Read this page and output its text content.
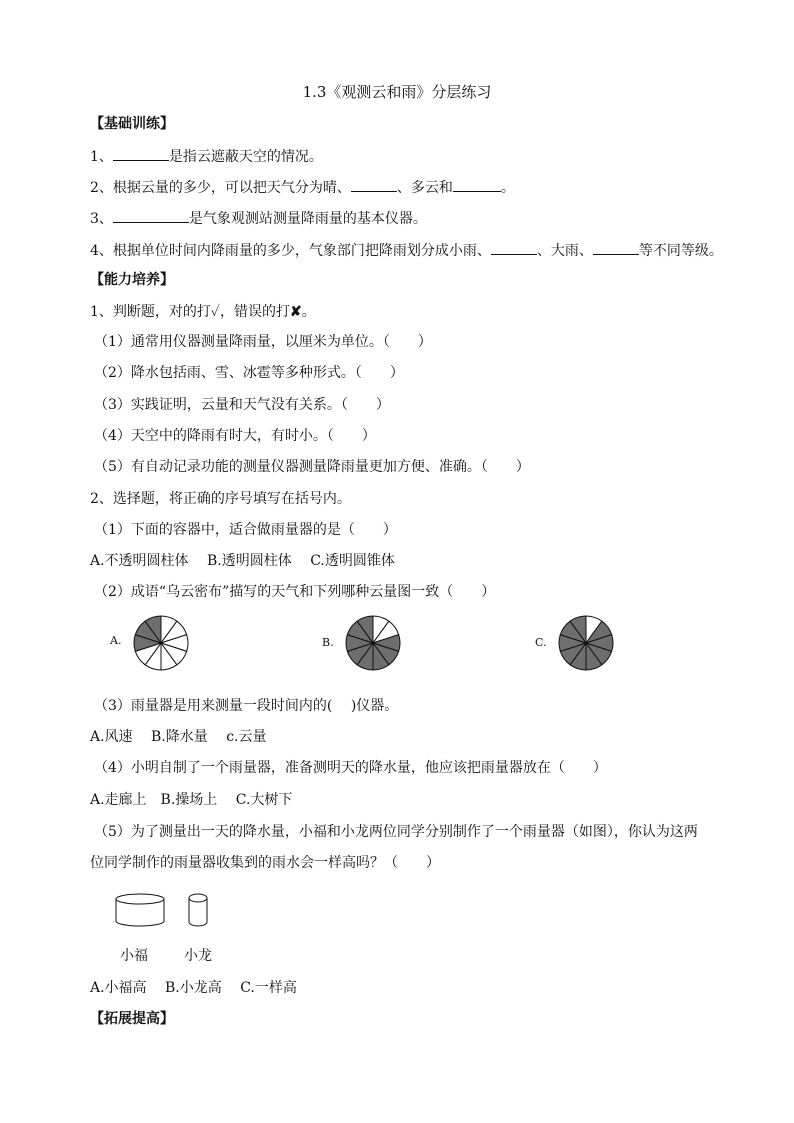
1.3《观测云和雨》分层练习
【基础训练】
1、	是指云遮蔽天空的情况。
2、根据云量的多少，可以把天气分为晴、	、多云和	。
3、	是气象观测站测量降雨量的基本仪器。
4、根据单位时间内降雨量的多少，气象部门把降雨划分成小雨、	、大雨、	等不同等级。
【能力培养】
1、判断题，对的打✓，错误的打✘。
（1）通常用仪器测量降雨量，以厘米为单位。（　　）
（2）降水包括雨、雪、冰雹等多种形式。（　　）
（3）实践证明，云量和天气没有关系。（　　）
（4）天空中的降雨有时大，有时小。（　　）
（5）有自动记录功能的测量仪器测量降雨量更加方便、准确。（　　）
2、选择题，将正确的序号填写在括号内。
（1）下面的容器中，适合做雨量器的是（　　）
A.不透明圆柱体　 B.透明圆柱体　 C.透明圆锥体
（2）成语“乌云密布”描写的天气和下列哪种云量图一致（　　）
A.	B.	C.
（3）雨量器是用来测量一段时间内的(　 )仪器。
A.风速　 B.降水量　 c.云量
（4）小明自制了一个雨量器，准备测明天的降水量，他应该把雨量器放在（　　）
A.走廊上　B.操场上　 C.大树下
（5）为了测量出一天的降水量，小福和小龙两位同学分别制作了一个雨量器（如图），你认为这两
位同学制作的雨量器收集到的雨水会一样高吗？（　　）
小福	小龙
A.小福高　 B.小龙高　 C.一样高
【拓展提高】
